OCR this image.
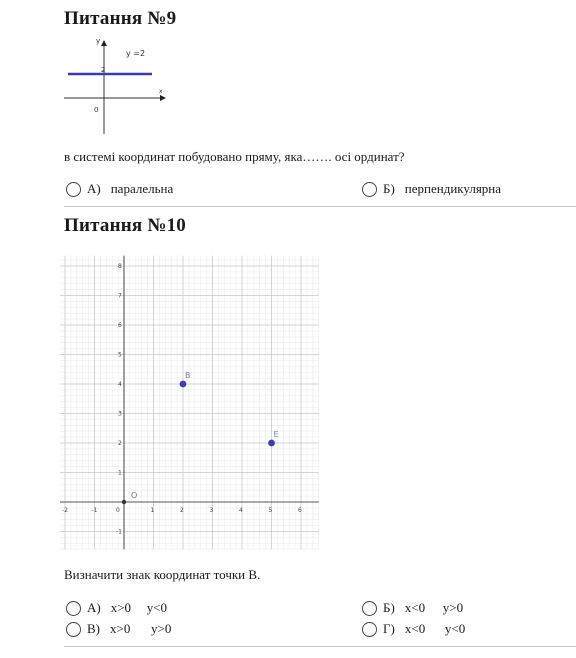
Питання №9
y
x
y =2
2
0

в системі координат побудовано пряму, яка……. осі ординат?

А) паралельна	Б) перпендикулярна
Питання №10
-2	-1	0	1	2	3	4	5	6
-1
1
2
3
4
5
6
7
8
O
B
E

Визначити знак координат точки В.

А) x>0	y<0	Б) x<0	y>0
В) x>0	y>0	Г) x<0	y<0
